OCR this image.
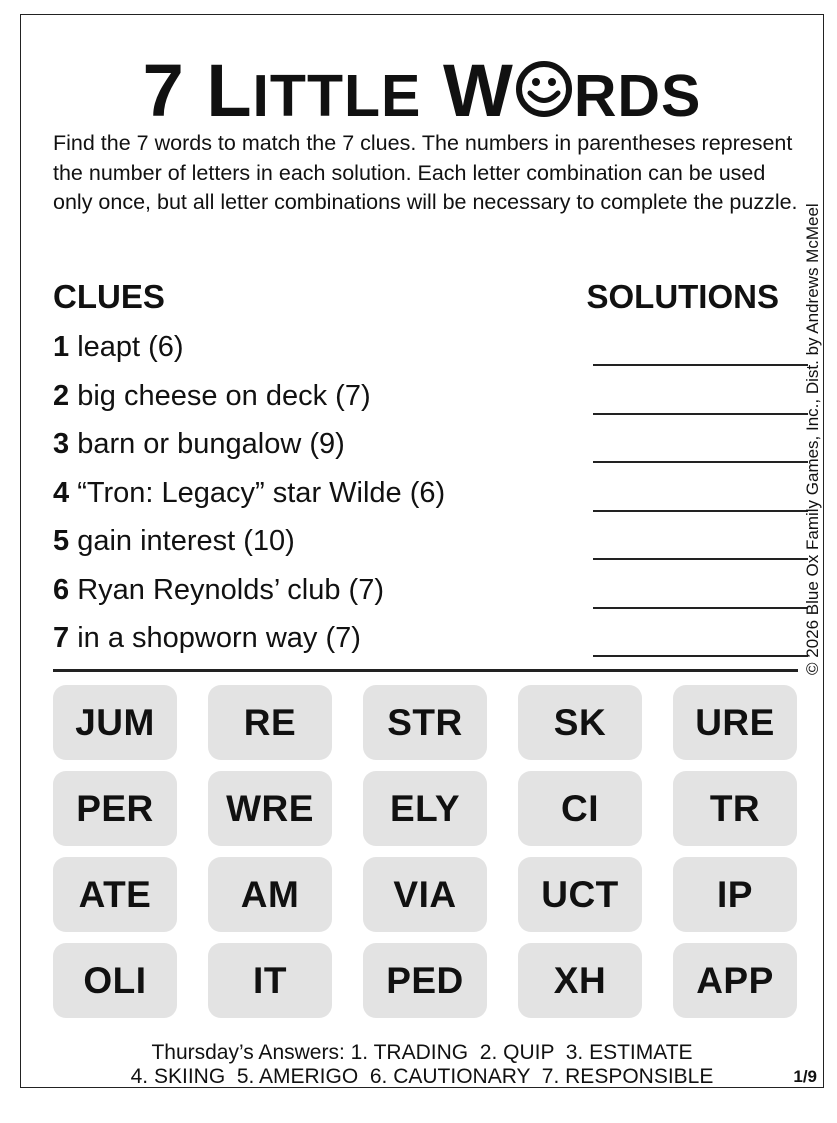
7 LITTLE W RDS
Find the 7 words to match the 7 clues. The numbers in parentheses represent the number of letters in each solution. Each letter combination can be used only once, but all letter combinations will be necessary to complete the puzzle.
CLUES	SOLUTIONS
1 leapt (6)
2 big cheese on deck (7)
3 barn or bungalow (9)
4 “Tron: Legacy” star Wilde (6)
5 gain interest (10)
6 Ryan Reynolds’ club (7)
7 in a shopworn way (7)	© 2026 Blue Ox Family Games, Inc., Dist. by Andrews McMeel
JUM	RE	STR	SK	URE
PER	WRE	ELY	CI	TR
ATE	AM	VIA	UCT	IP
OLI	IT	PED	XH	APP
Thursday’s Answers: 1. TRADING  2. QUIP  3. ESTIMATE
4. SKIING  5. AMERIGO  6. CAUTIONARY  7. RESPONSIBLE	1/9
